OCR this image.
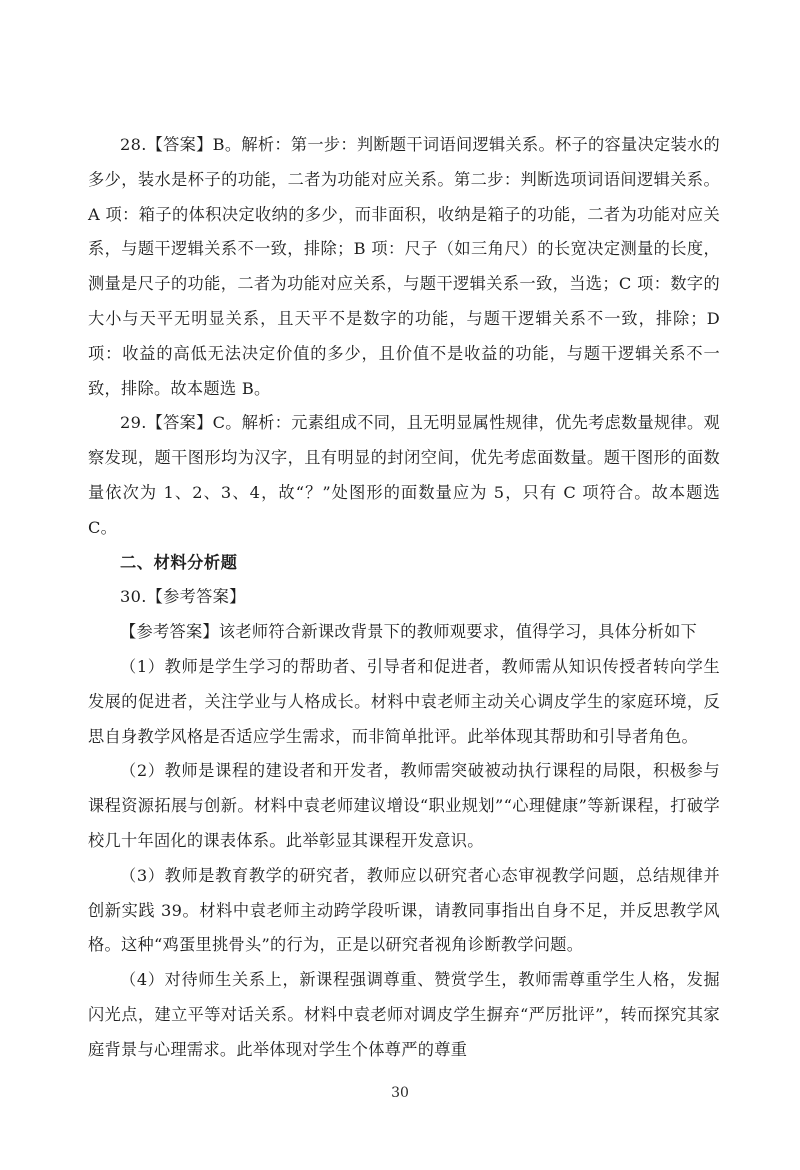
28.【答案】B。解析：第一步：判断题干词语间逻辑关系。杯子的容量决定装水的多少，装水是杯子的功能，二者为功能对应关系。第二步：判断选项词语间逻辑关系。A 项：箱子的体积决定收纳的多少，而非面积，收纳是箱子的功能，二者为功能对应关系，与题干逻辑关系不一致，排除；B 项：尺子（如三角尺）的长宽决定测量的长度，测量是尺子的功能，二者为功能对应关系，与题干逻辑关系一致，当选；C 项：数字的大小与天平无明显关系，且天平不是数字的功能，与题干逻辑关系不一致，排除；D 项：收益的高低无法决定价值的多少，且价值不是收益的功能，与题干逻辑关系不一致，排除。故本题选 B。

29.【答案】C。解析：元素组成不同，且无明显属性规律，优先考虑数量规律。观察发现，题干图形均为汉字，且有明显的封闭空间，优先考虑面数量。题干图形的面数量依次为 1、2、3、4，故“？”处图形的面数量应为 5，只有 C 项符合。故本题选 C。

二、材料分析题

30.【参考答案】

【参考答案】该老师符合新课改背景下的教师观要求，值得学习，具体分析如下

（1）教师是学生学习的帮助者、引导者和促进者，教师需从知识传授者转向学生发展的促进者，关注学业与人格成长。材料中袁老师主动关心调皮学生的家庭环境，反思自身教学风格是否适应学生需求，而非简单批评。此举体现其帮助和引导者角色。

（2）教师是课程的建设者和开发者，教师需突破被动执行课程的局限，积极参与课程资源拓展与创新。材料中袁老师建议增设“职业规划”“心理健康”等新课程，打破学校几十年固化的课表体系。此举彰显其课程开发意识。

（3）教师是教育教学的研究者，教师应以研究者心态审视教学问题，总结规律并创新实践 39。材料中袁老师主动跨学段听课，请教同事指出自身不足，并反思教学风格。这种“鸡蛋里挑骨头”的行为，正是以研究者视角诊断教学问题。

（4）对待师生关系上，新课程强调尊重、赞赏学生，教师需尊重学生人格，发掘闪光点，建立平等对话关系。材料中袁老师对调皮学生摒弃“严厉批评”，转而探究其家庭背景与心理需求。此举体现对学生个体尊严的尊重

30
